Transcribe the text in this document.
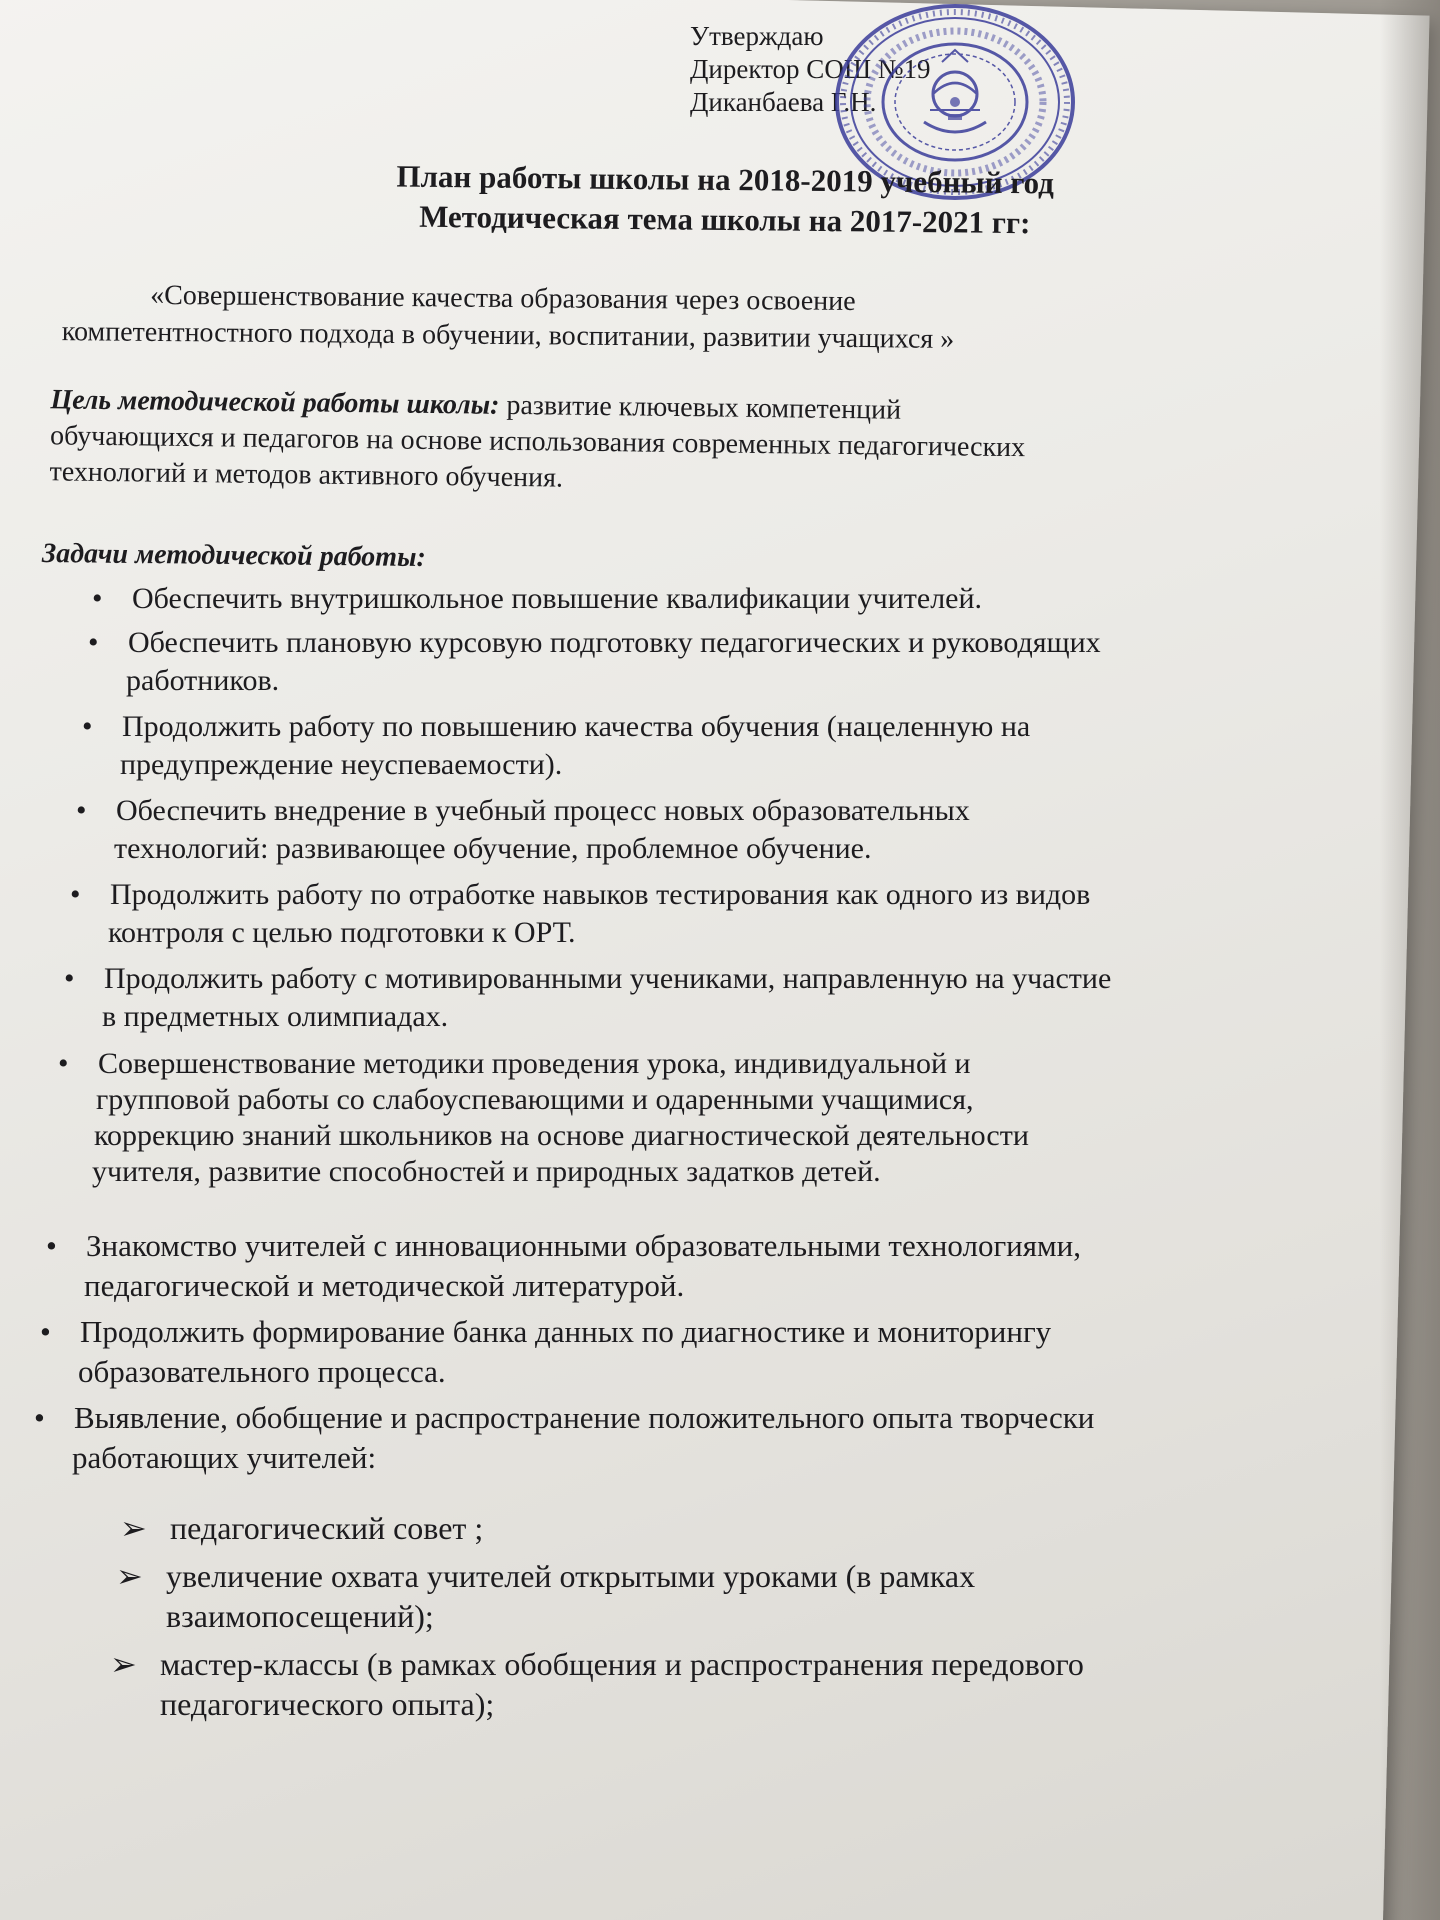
Утверждаю
Директор СОШ №19
Диканбаева Г.Н.
План работы школы на 2018-2019 учебный год
Методическая тема школы на 2017-2021 гг:
«Совершенствование качества образования через освоение
компетентностного подхода в обучении, воспитании, развитии учащихся »
Цель методической работы школы: развитие ключевых компетенций
обучающихся и педагогов на основе использования современных педагогических
технологий и методов активного обучения.
Задачи методической работы:
• Обеспечить внутришкольное повышение квалификации учителей.
• Обеспечить плановую курсовую подготовку педагогических и руководящих
работников.
• Продолжить работу по повышению качества обучения (нацеленную на
предупреждение неуспеваемости).
• Обеспечить внедрение в учебный процесс новых образовательных
технологий: развивающее обучение, проблемное обучение.
• Продолжить работу по отработке навыков тестирования как одного из видов
контроля с целью подготовки к ОРТ.
• Продолжить работу с мотивированными учениками, направленную на участие
в предметных олимпиадах.
• Совершенствование методики проведения урока, индивидуальной и
групповой работы со слабоуспевающими и одаренными учащимися,
коррекцию знаний школьников на основе диагностической деятельности
учителя, развитие способностей и природных задатков детей.
• Знакомство учителей с инновационными образовательными технологиями,
педагогической и методической литературой.
• Продолжить формирование банка данных по диагностике и мониторингу
образовательного процесса.
• Выявление, обобщение и распространение положительного опыта творчески
работающих учителей:
➢ педагогический совет ;
➢ увеличение охвата учителей открытыми уроками (в рамках
взаимопосещений);
➢ мастер-классы (в рамках обобщения и распространения передового
педагогического опыта);
